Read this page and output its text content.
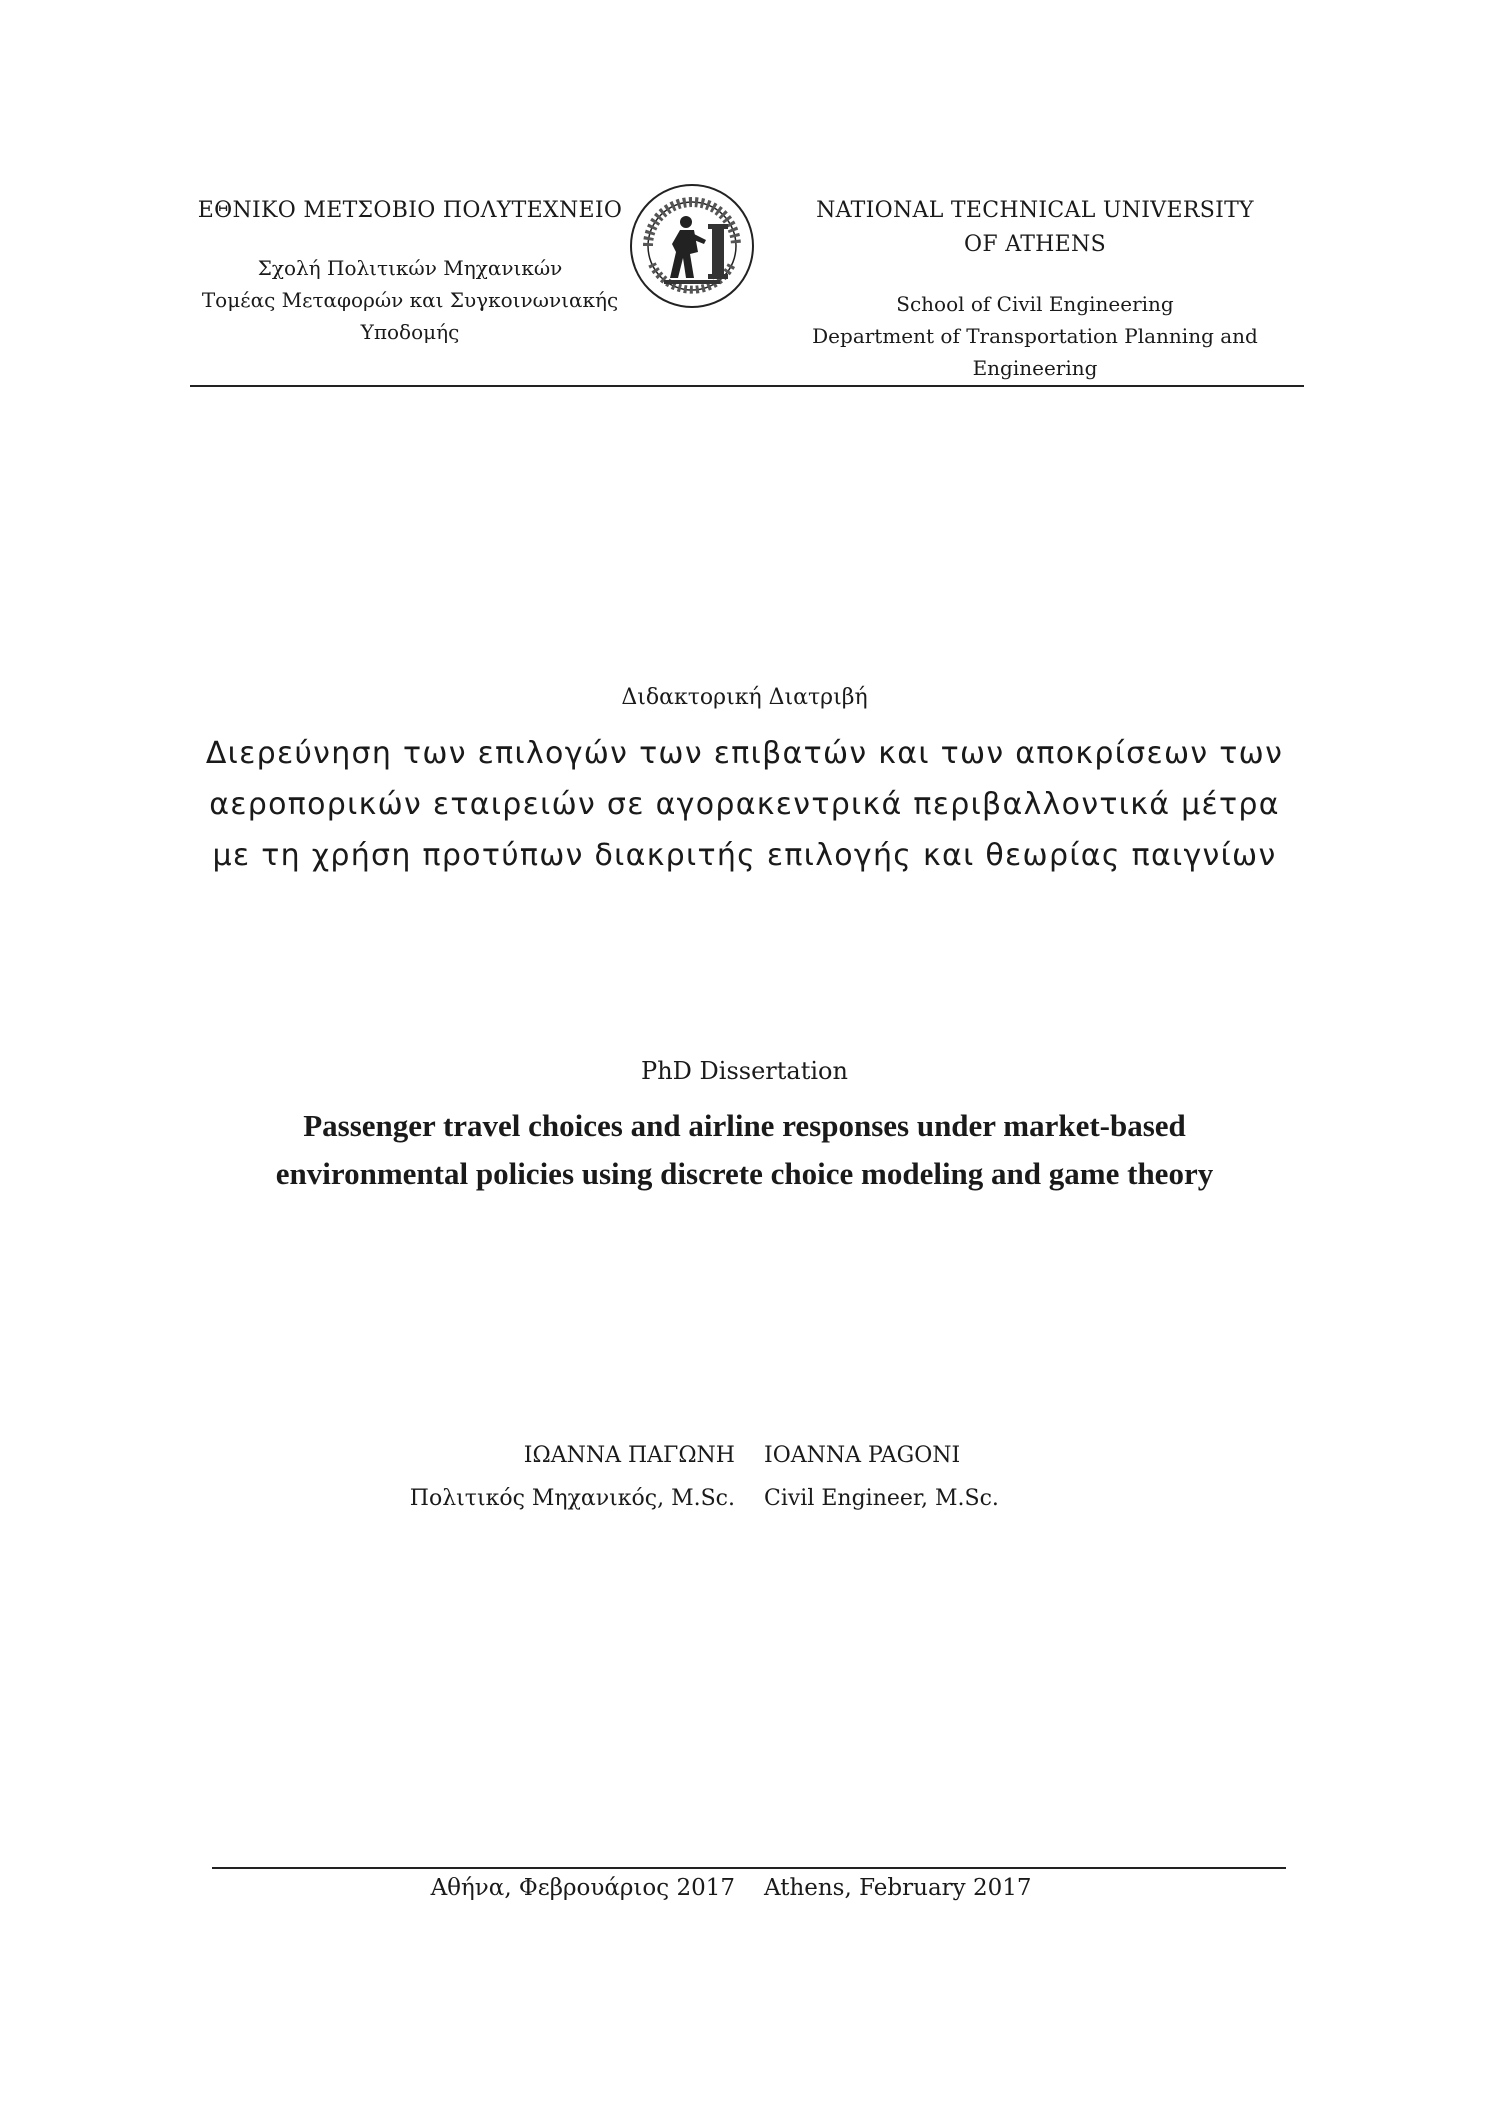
ΕΘΝΙΚΟ ΜΕΤΣΟΒΙΟ ΠΟΛΥΤΕΧΝΕΙΟ
Σχολή Πολιτικών Μηχανικών
Τομέας Μεταφορών και Συγκοινωνιακής Υποδομής
NATIONAL TECHNICAL UNIVERSITY OF ATHENS
School of Civil Engineering
Department of Transportation Planning and Engineering
Διδακτορική Διατριβή
Διερεύνηση των επιλογών των επιβατών και των αποκρίσεων των αεροπορικών εταιρειών σε αγορακεντρικά περιβαλλοντικά μέτρα με τη χρήση προτύπων διακριτής επιλογής και θεωρίας παιγνίων
PhD Dissertation
Passenger travel choices and airline responses under market-based environmental policies using discrete choice modeling and game theory
ΙΩΑΝΝΑ ΠΑΓΩΝΗ
Πολιτικός Μηχανικός, M.Sc.
IOANNA PAGONI
Civil Engineer, M.Sc.
Αθήνα, Φεβρουάριος 2017 Athens, February 2017
